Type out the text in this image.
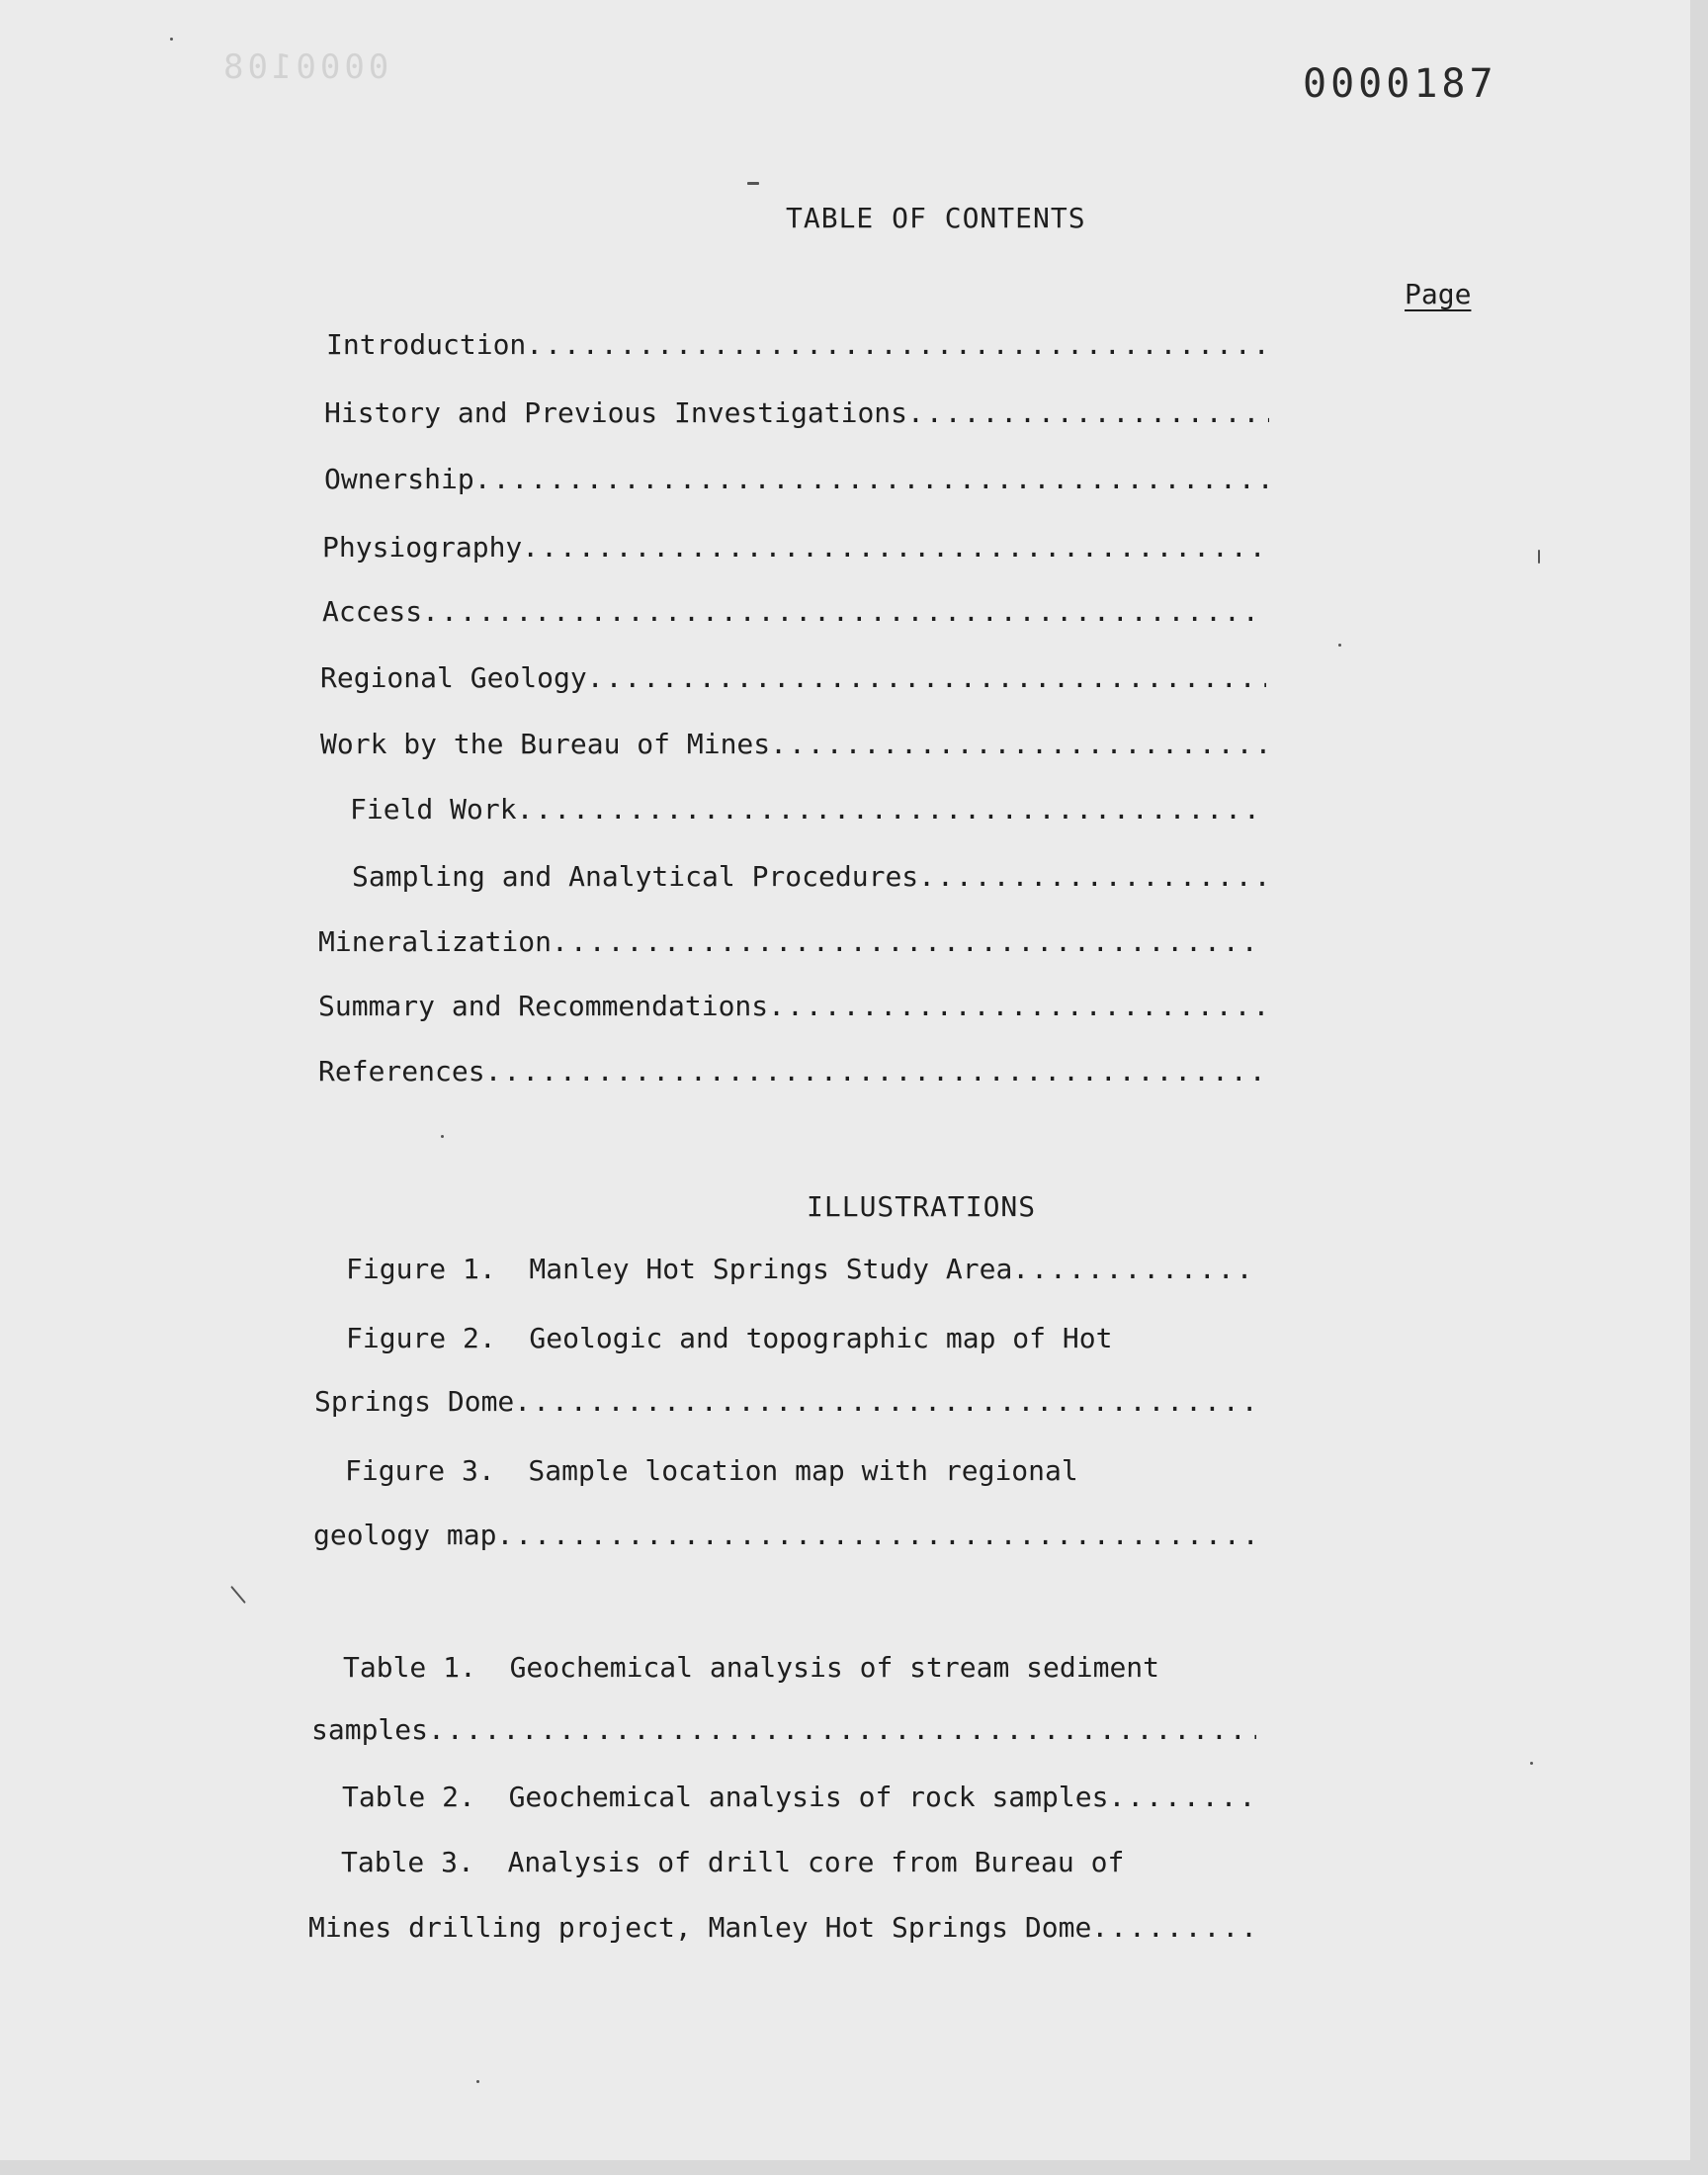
0000108	0000187
TABLE OF CONTENTS
Page
Introduction
.....
History and Previous Investigations
.....
Ownership
.....
Physiography
.....
Access
.....
Regional Geology
.....
Work by the Bureau of Mines
.....
Field Work
.....
Sampling and Analytical Procedures
.....
Mineralization
.....
Summary and Recommendations
.....
References
.....
ILLUSTRATIONS
Figure 1.  Manley Hot Springs Study Area
.....
Figure 2.  Geologic and topographic map of Hot
Springs Dome
.....
Figure 3.  Sample location map with regional
geology map
.....
Table 1.  Geochemical analysis of stream sediment
samples
.....
Table 2.  Geochemical analysis of rock samples
.....
Table 3.  Analysis of drill core from Bureau of
Mines drilling project, Manley Hot Springs Dome
.....
